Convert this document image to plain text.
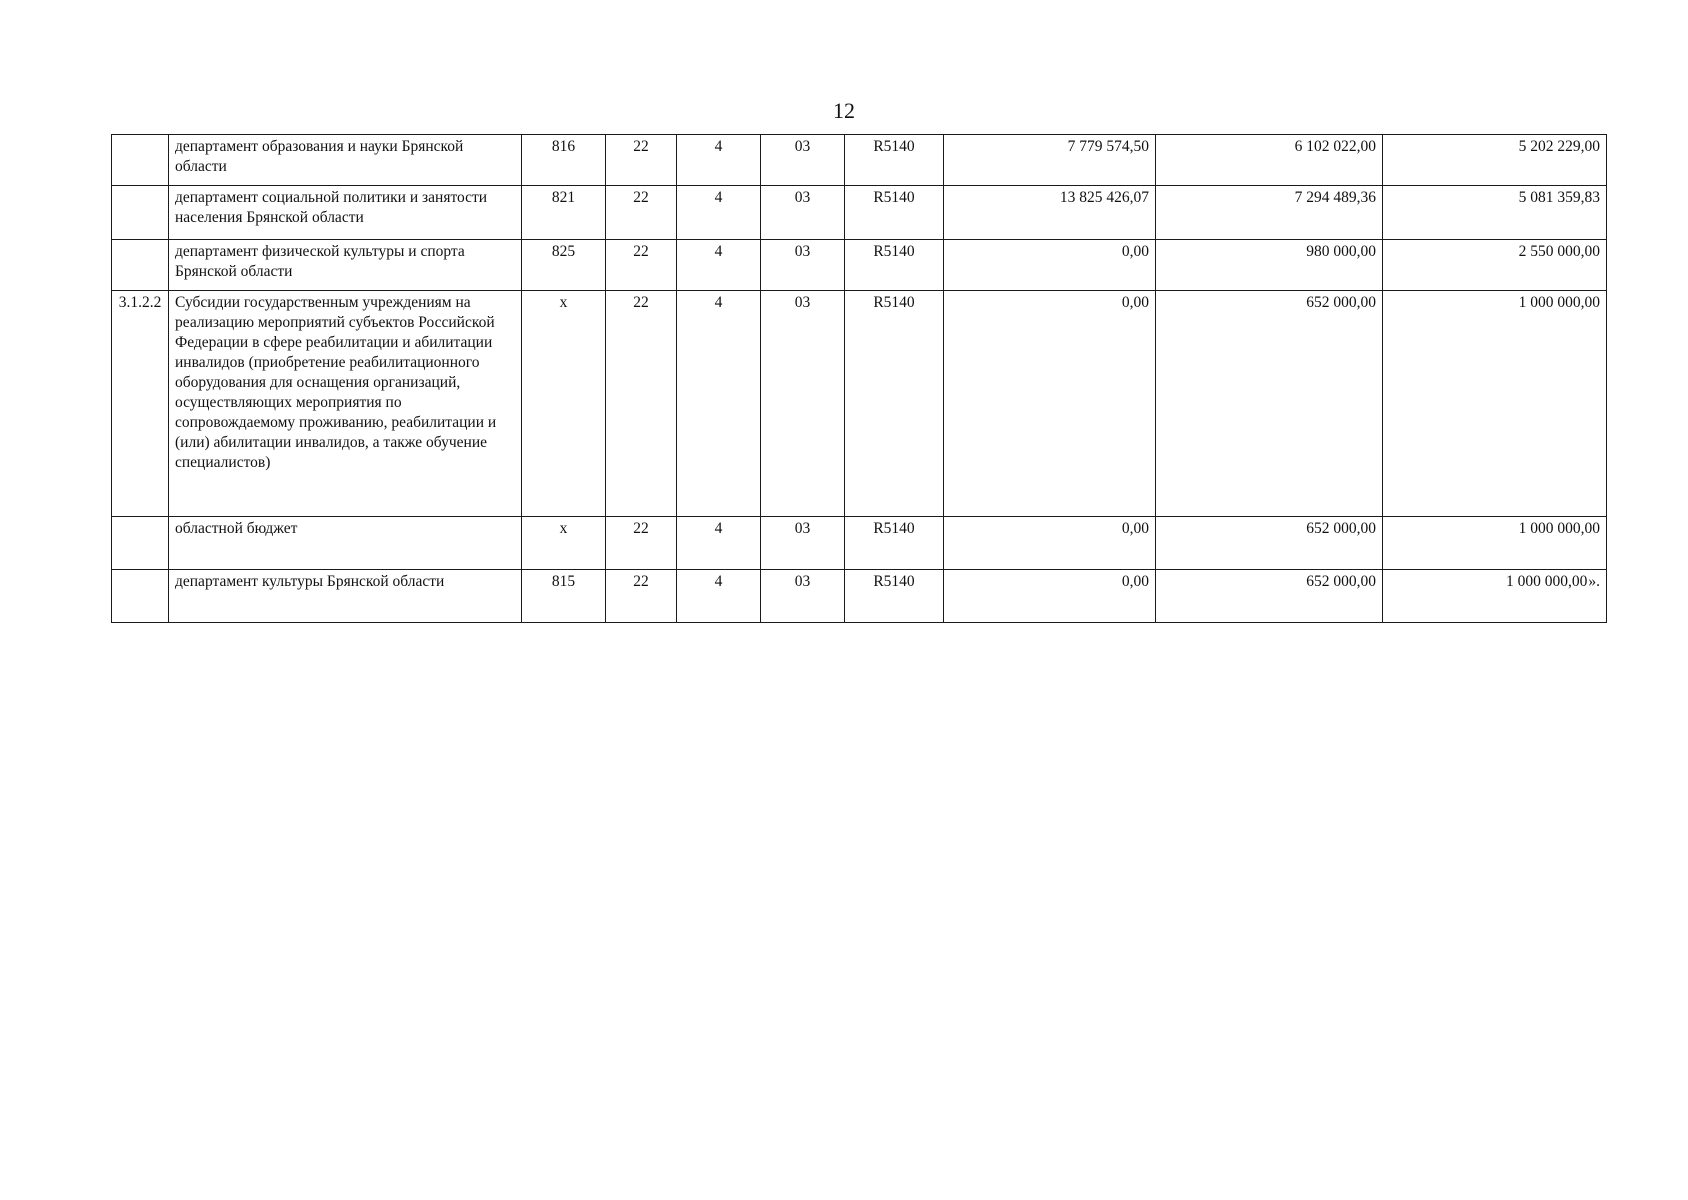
12
	департамент образования и науки Брянской области	816	22	4	03	R5140	7 779 574,50	6 102 022,00	5 202 229,00
	департамент социальной политики и занятости населения Брянской области	821	22	4	03	R5140	13 825 426,07	7 294 489,36	5 081 359,83
	департамент физической культуры и спорта Брянской области	825	22	4	03	R5140	0,00	980 000,00	2 550 000,00
3.1.2.2	Субсидии государственным учреждениям на реализацию мероприятий субъектов Российской Федерации в сфере реабилитации и абилитации инвалидов (приобретение реабилитационного оборудования для оснащения организаций, осуществляющих мероприятия по сопровождаемому проживанию, реабилитации и (или) абилитации инвалидов, а также обучение специалистов)	х	22	4	03	R5140	0,00	652 000,00	1 000 000,00
	областной бюджет	х	22	4	03	R5140	0,00	652 000,00	1 000 000,00
	департамент культуры Брянской области	815	22	4	03	R5140	0,00	652 000,00	1 000 000,00».
